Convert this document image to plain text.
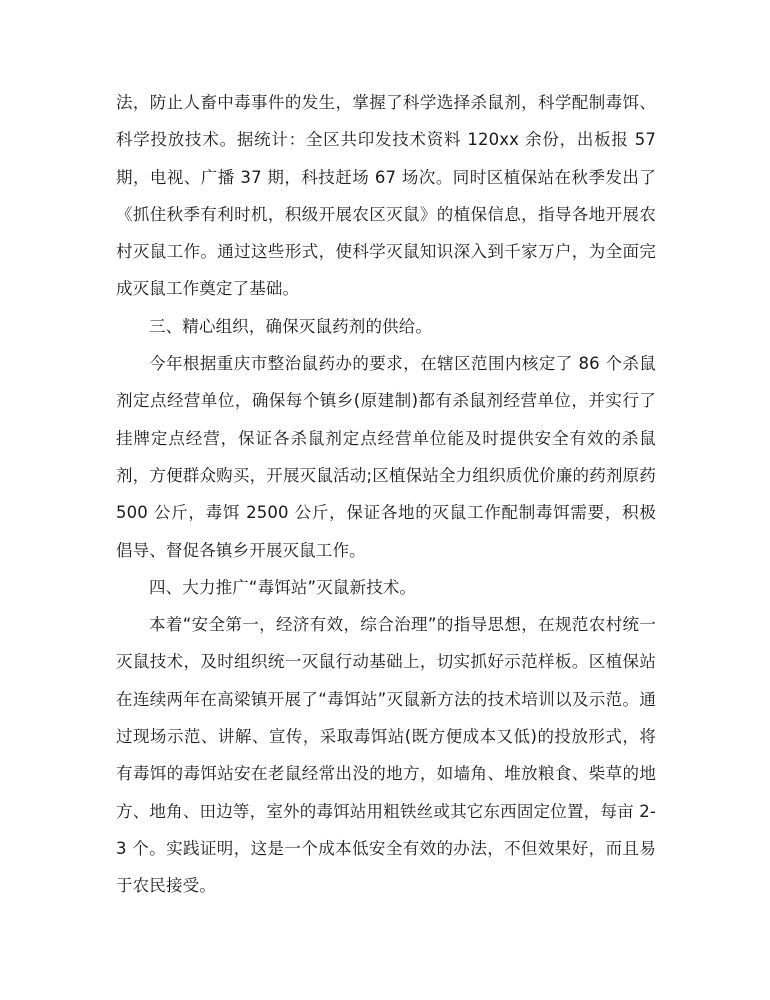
法，防止人畜中毒事件的发生，掌握了科学选择杀鼠剂，科学配制毒饵、科学投放技术。据统计：全区共印发技术资料 120xx 余份，出板报 57 期，电视、广播 37 期，科技赶场 67 场次。同时区植保站在秋季发出了《抓住秋季有利时机，积级开展农区灭鼠》的植保信息，指导各地开展农村灭鼠工作。通过这些形式，使科学灭鼠知识深入到千家万户，为全面完成灭鼠工作奠定了基础。

三、精心组织，确保灭鼠药剂的供给。

今年根据重庆市整治鼠药办的要求，在辖区范围内核定了 86 个杀鼠剂定点经营单位，确保每个镇乡(原建制)都有杀鼠剂经营单位，并实行了挂牌定点经营，保证各杀鼠剂定点经营单位能及时提供安全有效的杀鼠剂，方便群众购买，开展灭鼠活动;区植保站全力组织质优价廉的药剂原药 500 公斤，毒饵 2500 公斤，保证各地的灭鼠工作配制毒饵需要，积极倡导、督促各镇乡开展灭鼠工作。

四、大力推广“毒饵站”灭鼠新技术。

本着“安全第一，经济有效，综合治理”的指导思想，在规范农村统一灭鼠技术，及时组织统一灭鼠行动基础上，切实抓好示范样板。区植保站在连续两年在高梁镇开展了“毒饵站”灭鼠新方法的技术培训以及示范。通过现场示范、讲解、宣传，采取毒饵站(既方便成本又低)的投放形式，将有毒饵的毒饵站安在老鼠经常出没的地方，如墙角、堆放粮食、柴草的地方、地角、田边等，室外的毒饵站用粗铁丝或其它东西固定位置，每亩 2-3 个。实践证明，这是一个成本低安全有效的办法，不但效果好，而且易于农民接受。
